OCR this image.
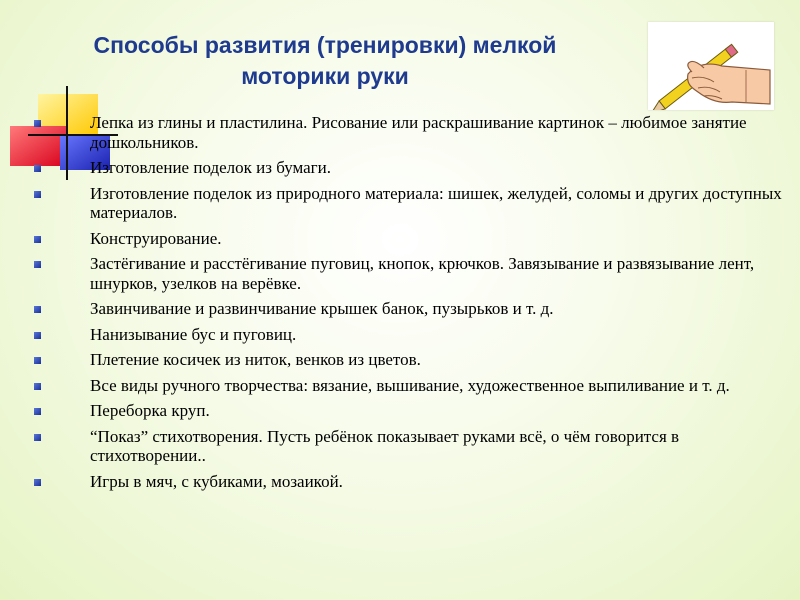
Способы развития (тренировки) мелкой
моторики руки
Лепка из глины и пластилина. Рисование или раскрашивание картинок – любимое занятие дошкольников.
Изготовление поделок из бумаги.
Изготовление поделок из природного материала: шишек, желудей, соломы и других доступных материалов.
Конструирование.
Застёгивание и расстёгивание пуговиц, кнопок, крючков. Завязывание и развязывание лент, шнурков, узелков на верёвке.
Завинчивание и развинчивание крышек банок, пузырьков и т. д.
Нанизывание бус и пуговиц.
Плетение косичек из ниток, венков из цветов.
Все виды ручного творчества: вязание, вышивание, художественное выпиливание и т. д.
Переборка круп.
“Показ” стихотворения. Пусть ребёнок показывает руками всё, о чём говорится в стихотворении..
Игры в мяч, с кубиками, мозаикой.
